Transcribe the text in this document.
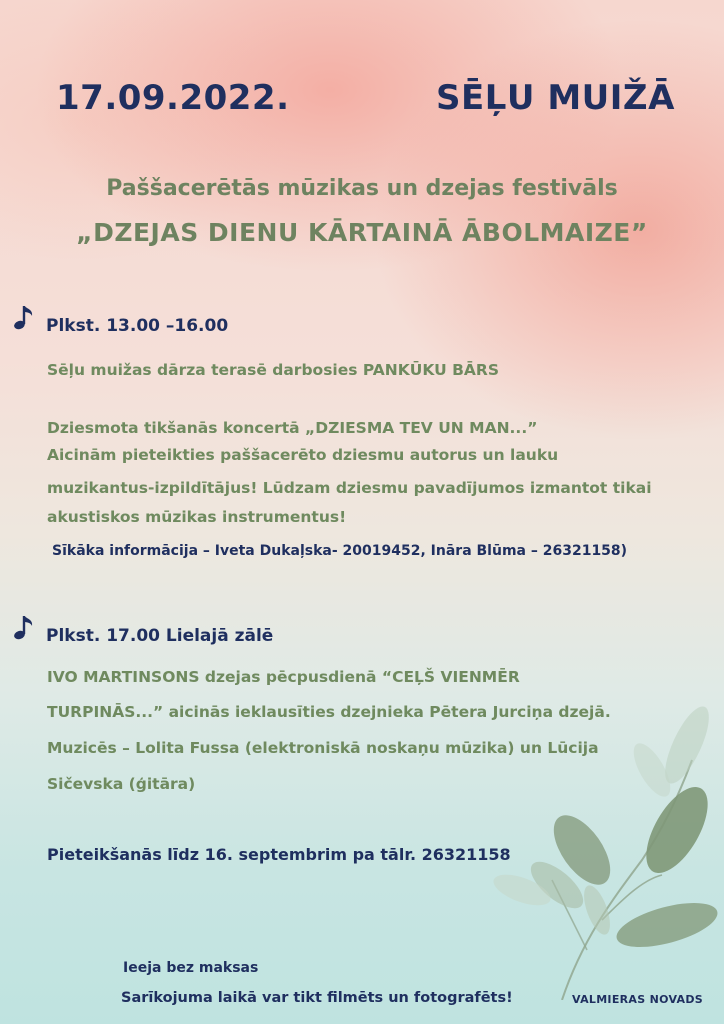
17.09.2022.	SĒĻU MUIŽĀ
Paššacerētās mūzikas un dzejas festivāls
„DZEJAS DIENU KĀRTAINĀ ĀBOLMAIZE”
Plkst. 13.00 –16.00
Sēļu muižas dārza terasē darbosies PANKŪKU BĀRS
Dziesmota tikšanās koncertā „DZIESMA TEV UN MAN...”
Aicinām pieteikties paššacerēto dziesmu autorus un lauku
muzikantus-izpildītājus! Lūdzam dziesmu pavadījumos izmantot tikai
akustiskos mūzikas instrumentus!
Sīkāka informācija – Iveta Dukaļska- 20019452, Ināra Blūma – 26321158)
Plkst. 17.00 Lielajā zālē
IVO MARTINSONS dzejas pēcpusdienā “CEĻŠ VIENMĒR
TURPINĀS...” aicinās ieklausīties dzejnieka Pētera Jurciņa dzejā.
Muzicēs – Lolita Fussa (elektroniskā noskaņu mūzika) un Lūcija
Sičevska (ģitāra)
Pieteikšanās līdz 16. septembrim pa tālr. 26321158
Ieeja bez maksas
Sarīkojuma laikā var tikt filmēts un fotografēts!	VALMIERAS NOVADS
